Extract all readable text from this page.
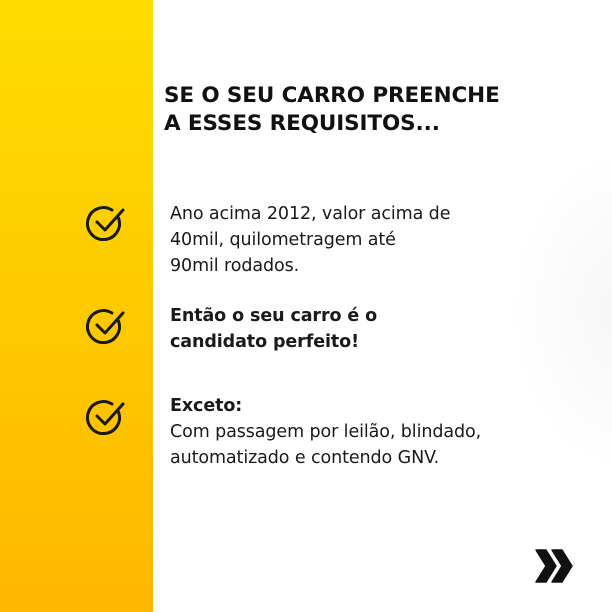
SE O SEU CARRO PREENCHE
A ESSES REQUISITOS...
Ano acima 2012, valor acima de
40mil, quilometragem até
90mil rodados.
Então o seu carro é o
candidato perfeito!
Exceto:
Com passagem por leilão, blindado,
automatizado e contendo GNV.
